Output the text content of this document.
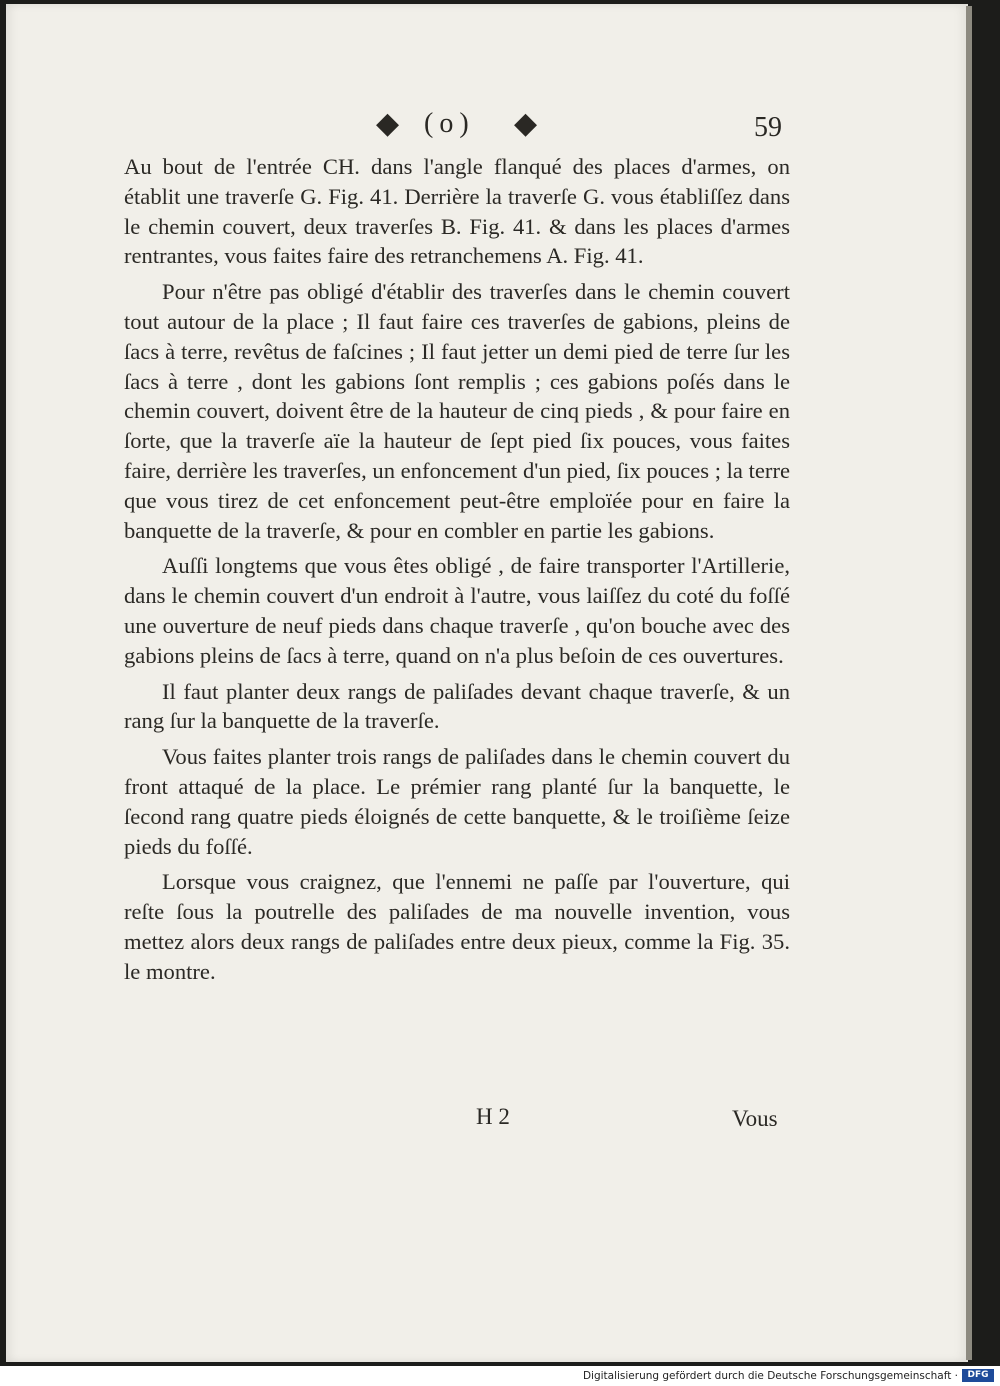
◆ (o) ◆	59

Au bout de l'entrée CH. dans l'angle flanqué des places d'armes, on établit une traverſe G. Fig. 41. Derrière la traverſe G. vous établiſſez dans le chemin couvert, deux traverſes B. Fig. 41. & dans les places d'armes rentrantes, vous faites faire des retranchemens A. Fig. 41.

Pour n'être pas obligé d'établir des traverſes dans le chemin couvert tout autour de la place ; Il faut faire ces traverſes de gabions, pleins de ſacs à terre, revêtus de faſcines ; Il faut jetter un demi pied de terre ſur les ſacs à terre , dont les gabions ſont remplis ; ces gabions poſés dans le chemin couvert, doivent être de la hauteur de cinq pieds , & pour faire en ſorte, que la traverſe aïe la hauteur de ſept pied ſix pouces, vous faites faire, derrière les traverſes, un enfoncement d'un pied, ſix pouces ; la terre que vous tirez de cet enfoncement peut-être emploïée pour en faire la banquette de la traverſe, & pour en combler en partie les gabions.

Auſſi longtems que vous êtes obligé , de faire transporter l'Artillerie, dans le chemin couvert d'un endroit à l'autre, vous laiſſez du coté du foſſé une ouverture de neuf pieds dans chaque traverſe , qu'on bouche avec des gabions pleins de ſacs à terre, quand on n'a plus beſoin de ces ouvertures.

Il faut planter deux rangs de paliſades devant chaque traverſe, & un rang ſur la banquette de la traverſe.

Vous faites planter trois rangs de paliſades dans le chemin couvert du front attaqué de la place. Le prémier rang planté ſur la banquette, le ſecond rang quatre pieds éloignés de cette banquette, & le troiſième ſeize pieds du foſſé.

Lorsque vous craignez, que l'ennemi ne paſſe par l'ouverture, qui reſte ſous la poutrelle des paliſades de ma nouvelle invention, vous mettez alors deux rangs de paliſades entre deux pieux, comme la Fig. 35. le montre.

H 2	Vous
Digitalisierung gefördert durch die Deutsche Forschungsgemeinschaft ·	DFG
